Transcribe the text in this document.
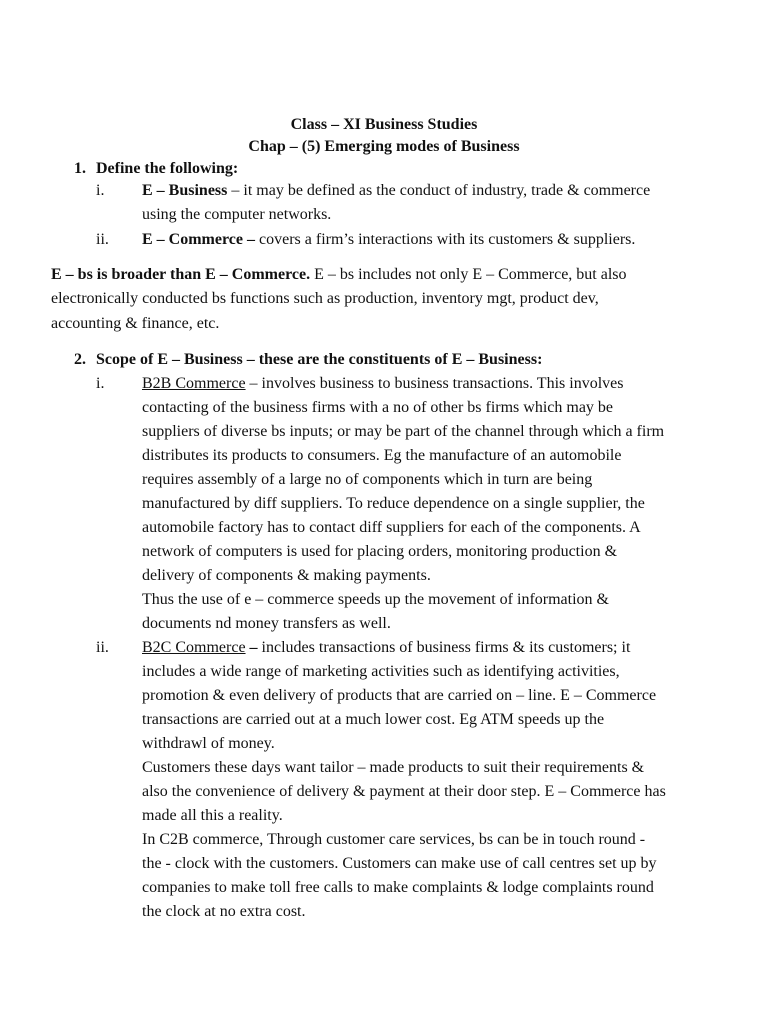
Class – XI Business Studies
Chap – (5) Emerging modes of Business
1. Define the following:
i. E – Business – it may be defined as the conduct of industry, trade & commerce
using the computer networks.
ii. E – Commerce – covers a firm’s interactions with its customers & suppliers.
E – bs is broader than E – Commerce. E – bs includes not only E – Commerce, but also
electronically conducted bs functions such as production, inventory mgt, product dev,
accounting & finance, etc.
2. Scope of E – Business – these are the constituents of E – Business:
i. B2B Commerce – involves business to business transactions. This involves
contacting of the business firms with a no of other bs firms which may be
suppliers of diverse bs inputs; or may be part of the channel through which a firm
distributes its products to consumers. Eg the manufacture of an automobile
requires assembly of a large no of components which in turn are being
manufactured by diff suppliers. To reduce dependence on a single supplier, the
automobile factory has to contact diff suppliers for each of the components. A
network of computers is used for placing orders, monitoring production &
delivery of components & making payments.
Thus the use of e – commerce speeds up the movement of information &
documents nd money transfers as well.
ii. B2C Commerce – includes transactions of business firms & its customers; it
includes a wide range of marketing activities such as identifying activities,
promotion & even delivery of products that are carried on – line. E – Commerce
transactions are carried out at a much lower cost. Eg ATM speeds up the
withdrawl of money.
Customers these days want tailor – made products to suit their requirements &
also the convenience of delivery & payment at their door step. E – Commerce has
made all this a reality.
In C2B commerce, Through customer care services, bs can be in touch round -
the - clock with the customers. Customers can make use of call centres set up by
companies to make toll free calls to make complaints & lodge complaints round
the clock at no extra cost.
